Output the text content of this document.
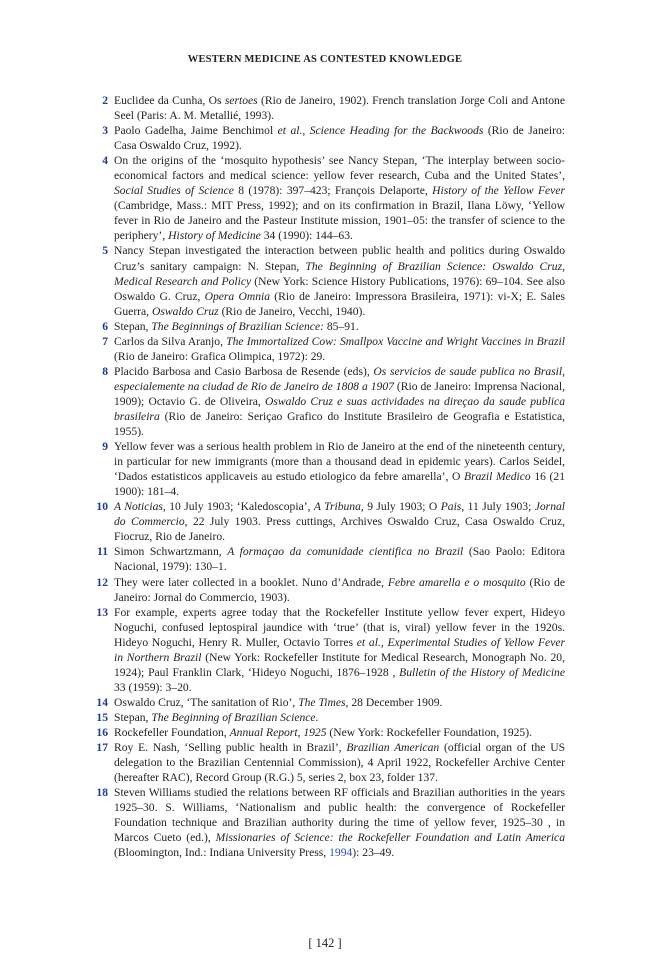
WESTERN MEDICINE AS CONTESTED KNOWLEDGE
2 Euclidee da Cunha, Os sertoes (Rio de Janeiro, 1902). French translation Jorge Coli and Antone Seel (Paris: A. M. Metallié, 1993).
3 Paolo Gadelha, Jaime Benchimol et al., Science Heading for the Backwoods (Rio de Janeiro: Casa Oswaldo Cruz, 1992).
4 On the origins of the ‘mosquito hypothesis’ see Nancy Stepan, ‘The interplay between socio-economical factors and medical science: yellow fever research, Cuba and the United States’, Social Studies of Science 8 (1978): 397–423; François Delaporte, History of the Yellow Fever (Cambridge, Mass.: MIT Press, 1992); and on its confirmation in Brazil, Ilana Löwy, ‘Yellow fever in Rio de Janeiro and the Pasteur Institute mission, 1901–05: the transfer of science to the periphery’, History of Medicine 34 (1990): 144–63.
5 Nancy Stepan investigated the interaction between public health and politics during Oswaldo Cruz’s sanitary campaign: N. Stepan, The Beginning of Brazilian Science: Oswaldo Cruz, Medical Research and Policy (New York: Science History Publications, 1976): 69–104. See also Oswaldo G. Cruz, Opera Omnia (Rio de Janeiro: Impressora Brasileira, 1971): vi-X; E. Sales Guerra, Oswaldo Cruz (Rio de Janeiro, Vecchi, 1940).
6 Stepan, The Beginnings of Brazilian Science: 85–91.
7 Carlos da Silva Aranjo, The Immortalized Cow: Smallpox Vaccine and Wright Vaccines in Brazil (Rio de Janeiro: Grafica Olimpica, 1972): 29.
8 Placido Barbosa and Casio Barbosa de Resende (eds), Os servicios de saude publica no Brasil, especialemente na ciudad de Rio de Janeiro de 1808 a 1907 (Rio de Janeiro: Imprensa Nacional, 1909); Octavio G. de Oliveira, Oswaldo Cruz e suas actividades na direçao da saude publica brasileira (Rio de Janeiro: Seriçao Grafico do Institute Brasileiro de Geografia e Estatistica, 1955).
9 Yellow fever was a serious health problem in Rio de Janeiro at the end of the nineteenth century, in particular for new immigrants (more than a thousand dead in epidemic years). Carlos Seidel, ‘Dados estatisticos applicaveis au estudo etiologico da febre amarella’, O Brazil Medico 16 (21 1900): 181–4.
10 A Noticias, 10 July 1903; ‘Kaledoscopia’, A Tribuna, 9 July 1903; O Pais, 11 July 1903; Jornal do Commercio, 22 July 1903. Press cuttings, Archives Oswaldo Cruz, Casa Oswaldo Cruz, Fiocruz, Rio de Janeiro.
11 Simon Schwartzmann, A formaçao da comunidade cientifica no Brazil (Sao Paolo: Editora Nacional, 1979): 130–1.
12 They were later collected in a booklet. Nuno d’Andrade, Febre amarella e o mosquito (Rio de Janeiro: Jornal do Commercio, 1903).
13 For example, experts agree today that the Rockefeller Institute yellow fever expert, Hideyo Noguchi, confused leptospiral jaundice with ‘true’ (that is, viral) yellow fever in the 1920s. Hideyo Noguchi, Henry R. Muller, Octavio Torres et al., Experimental Studies of Yellow Fever in Northern Brazil (New York: Rockefeller Institute for Medical Research, Monograph No. 20, 1924); Paul Franklin Clark, ‘Hideyo Noguchi, 1876–1928 , Bulletin of the History of Medicine 33 (1959): 3–20.
14 Oswaldo Cruz, ‘The sanitation of Rio’, The Times, 28 December 1909.
15 Stepan, The Beginning of Brazilian Science.
16 Rockefeller Foundation, Annual Report, 1925 (New York: Rockefeller Foundation, 1925).
17 Roy E. Nash, ‘Selling public health in Brazil’, Brazilian American (official organ of the US delegation to the Brazilian Centennial Commission), 4 April 1922, Rockefeller Archive Center (hereafter RAC), Record Group (R.G.) 5, series 2, box 23, folder 137.
18 Steven Williams studied the relations between RF officials and Brazilian authorities in the years 1925–30. S. Williams, ‘Nationalism and public health: the convergence of Rockefeller Foundation technique and Brazilian authority during the time of yellow fever, 1925–30 , in Marcos Cueto (ed.), Missionaries of Science: the Rockefeller Foundation and Latin America (Bloomington, Ind.: Indiana University Press, 1994): 23–49.
[ 142 ]
